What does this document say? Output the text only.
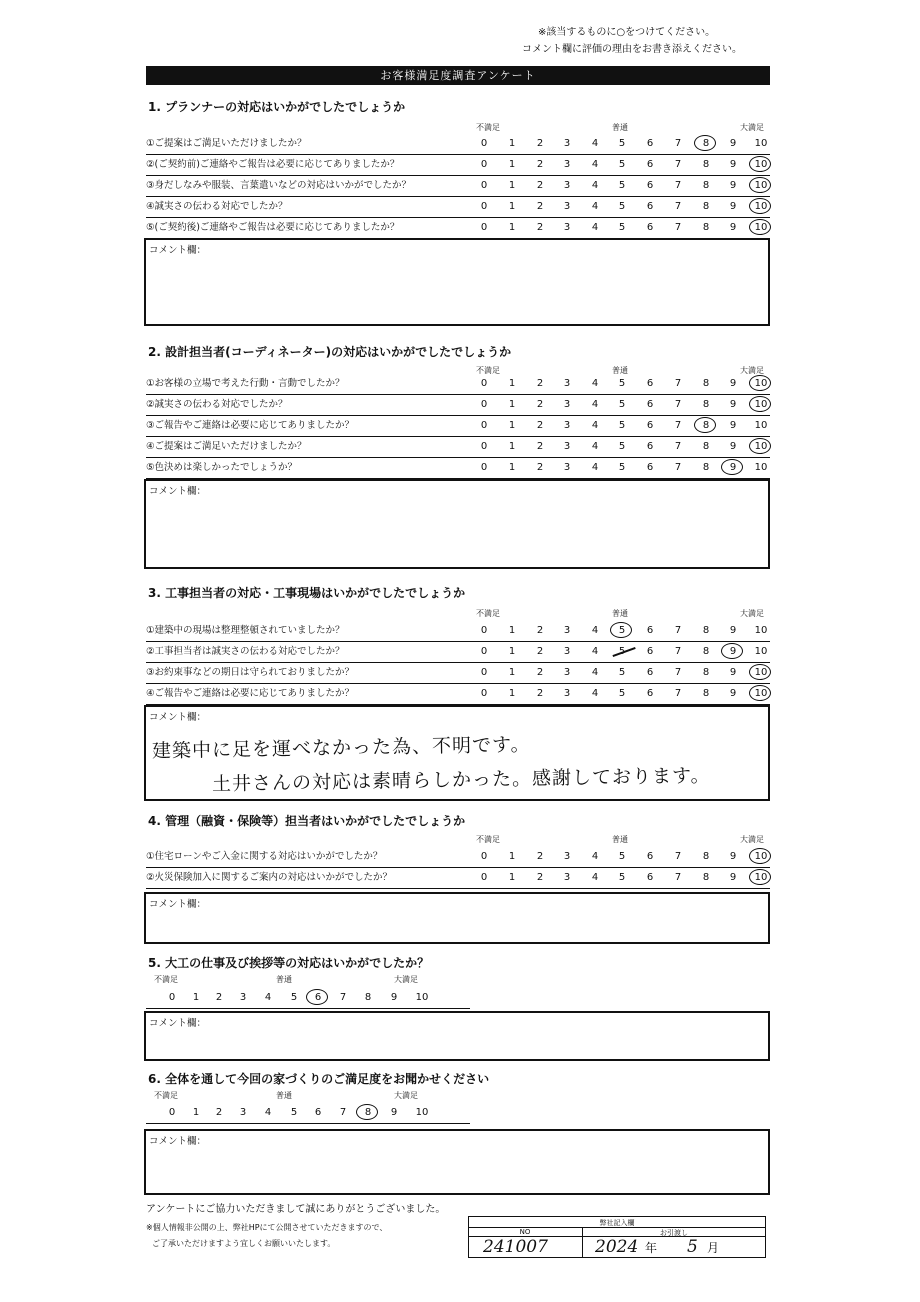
※該当するものに○をつけてください。
コメント欄に評価の理由をお書き添えください。
お客様満足度調査アンケート
1. プランナーの対応はいかがでしたでしょうか
不満足	普通	大満足
①ご提案はご満足いただけましたか？	0	1	2	3	4	5	6	7	8	9	10
②(ご契約前)ご連絡やご報告は必要に応じてありましたか？	0	1	2	3	4	5	6	7	8	9	10
③身だしなみや服装、言葉遣いなどの対応はいかがでしたか？	0	1	2	3	4	5	6	7	8	9	10
④誠実さの伝わる対応でしたか？	0	1	2	3	4	5	6	7	8	9	10
⑤(ご契約後)ご連絡やご報告は必要に応じてありましたか？	0	1	2	3	4	5	6	7	8	9	10
コメント欄：
2. 設計担当者(コーディネーター)の対応はいかがでしたでしょうか
不満足	普通	大満足
①お客様の立場で考えた行動・言動でしたか？	0	1	2	3	4	5	6	7	8	9	10
②誠実さの伝わる対応でしたか？	0	1	2	3	4	5	6	7	8	9	10
③ご報告やご連絡は必要に応じてありましたか？	0	1	2	3	4	5	6	7	8	9	10
④ご提案はご満足いただけましたか？	0	1	2	3	4	5	6	7	8	9	10
⑤色決めは楽しかったでしょうか？	0	1	2	3	4	5	6	7	8	9	10
コメント欄：
3. 工事担当者の対応・工事現場はいかがでしたでしょうか
不満足	普通	大満足
①建築中の現場は整理整頓されていましたか？	0	1	2	3	4	5	6	7	8	9	10
②工事担当者は誠実さの伝わる対応でしたか？	0	1	2	3	4	5	6	7	8	9	10
③お約束事などの期日は守られておりましたか？	0	1	2	3	4	5	6	7	8	9	10
④ご報告やご連絡は必要に応じてありましたか？	0	1	2	3	4	5	6	7	8	9	10
コメント欄：
建築中に足を運べなかった為、不明です。
土井さんの対応は素晴らしかった。感謝しております。
4. 管理（融資・保険等）担当者はいかがでしたでしょうか
不満足	普通	大満足
①住宅ローンやご入金に関する対応はいかがでしたか？	0	1	2	3	4	5	6	7	8	9	10
②火災保険加入に関するご案内の対応はいかがでしたか？	0	1	2	3	4	5	6	7	8	9	10
コメント欄：
5. 大工の仕事及び挨拶等の対応はいかがでしたか？
不満足	普通	大満足
0	1	2	3	4	5	6	7	8	9	10
コメント欄：
6. 全体を通して今回の家づくりのご満足度をお聞かせください
不満足	普通	大満足
0	1	2	3	4	5	6	7	8	9	10
コメント欄：
アンケートにご協力いただきまして誠にありがとうございました。
※個人情報非公開の上、弊社HPにて公開させていただきますので、
ご了承いただけますよう宜しくお願いいたします。
弊社記入欄
NO	お引渡し
241007	2024 年 5 月
